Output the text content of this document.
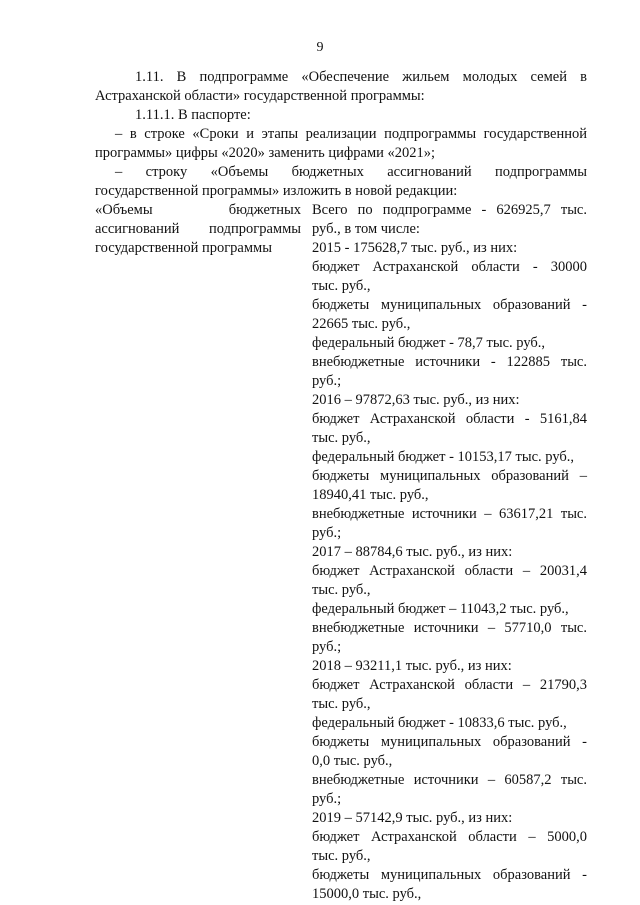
9
1.11. В подпрограмме «Обеспечение жильем молодых семей в Астраханской области» государственной программы:
1.11.1. В паспорте:
– в строке «Сроки и этапы реализации подпрограммы государственной программы» цифры «2020» заменить цифрами «2021»;
– строку «Объемы бюджетных ассигнований подпрограммы государственной программы» изложить в новой редакции:
«Объемы бюджетных ассигнований подпрограммы государственной программы
Всего по подпрограмме - 626925,7 тыс.
руб., в том числе:
2015 - 175628,7 тыс. руб., из них:
бюджет Астраханской области - 30000
тыс. руб.,
бюджеты муниципальных образований -
22665 тыс. руб.,
федеральный бюджет - 78,7 тыс. руб.,
внебюджетные источники - 122885 тыс.
руб.;
2016 – 97872,63 тыс. руб., из них:
бюджет Астраханской области - 5161,84
тыс. руб.,
федеральный бюджет - 10153,17 тыс. руб.,
бюджеты муниципальных образований –
18940,41 тыс. руб.,
внебюджетные источники – 63617,21 тыс.
руб.;
2017 – 88784,6 тыс. руб., из них:
бюджет Астраханской области – 20031,4
тыс. руб.,
федеральный бюджет – 11043,2 тыс. руб.,
внебюджетные источники – 57710,0 тыс.
руб.;
2018 – 93211,1 тыс. руб., из них:
бюджет Астраханской области – 21790,3
тыс. руб.,
федеральный бюджет - 10833,6 тыс. руб.,
бюджеты муниципальных образований -
0,0 тыс. руб.,
внебюджетные источники – 60587,2 тыс.
руб.;
2019 – 57142,9 тыс. руб., из них:
бюджет Астраханской области – 5000,0
тыс. руб.,
бюджеты муниципальных образований -
15000,0 тыс. руб.,
